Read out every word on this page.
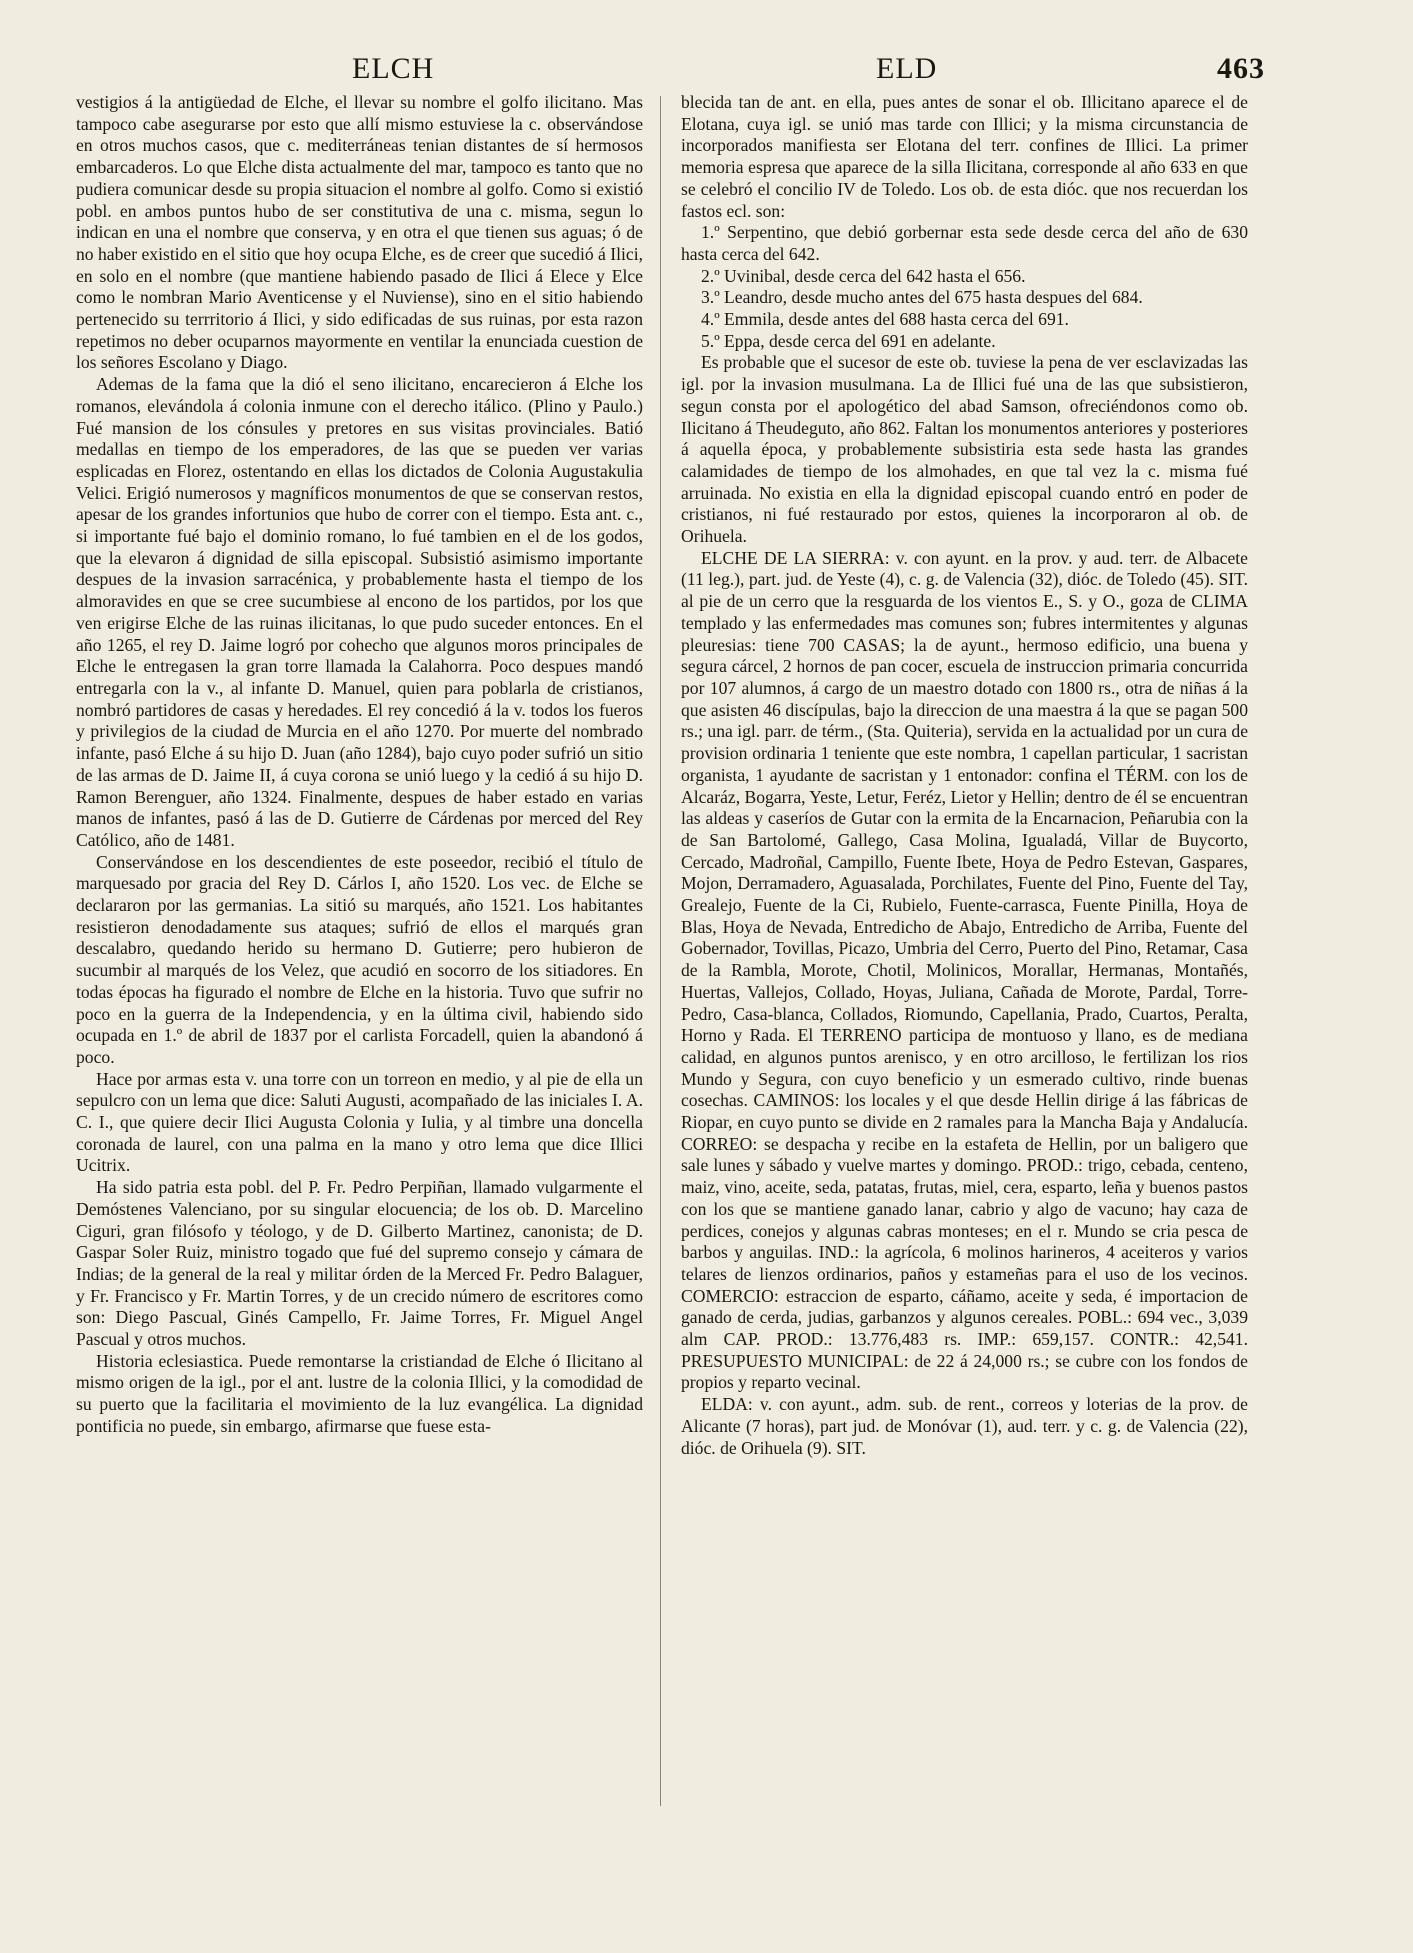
ELCH	ELD	463

vestigios á la antigüedad de Elche, el llevar su nombre el golfo ilicitano. Mas tampoco cabe asegurarse por esto que allí mismo estuviese la c. observándose en otros muchos casos, que c. mediterráneas tenian distantes de sí hermosos embarcaderos. Lo que Elche dista actualmente del mar, tampoco es tanto que no pudiera comunicar desde su propia situacion el nombre al golfo. Como si existió pobl. en ambos puntos hubo de ser constitutiva de una c. misma, segun lo indican en una el nombre que conserva, y en otra el que tienen sus aguas; ó de no haber existido en el sitio que hoy ocupa Elche, es de creer que sucedió á Ilici, en solo en el nombre (que mantiene habiendo pasado de Ilici á Elece y Elce como le nombran Mario Aventicense y el Nuviense), sino en el sitio habiendo pertenecido su terrritorio á Ilici, y sido edificadas de sus ruinas, por esta razon repetimos no deber ocuparnos mayormente en ventilar la enunciada cuestion de los señores Escolano y Diago.

Ademas de la fama que la dió el seno ilicitano, encarecieron á Elche los romanos, elevándola á colonia inmune con el derecho itálico. (Plino y Paulo.) Fué mansion de los cónsules y pretores en sus visitas provinciales. Batió medallas en tiempo de los emperadores, de las que se pueden ver varias esplicadas en Florez, ostentando en ellas los dictados de Colonia Augustakulia Velici. Erigió numerosos y magníficos monumentos de que se conservan restos, apesar de los grandes infortunios que hubo de correr con el tiempo. Esta ant. c., si importante fué bajo el dominio romano, lo fué tambien en el de los godos, que la elevaron á dignidad de silla episcopal. Subsistió asimismo importante despues de la invasion sarracénica, y probablemente hasta el tiempo de los almoravides en que se cree sucumbiese al encono de los partidos, por los que ven erigirse Elche de las ruinas ilicitanas, lo que pudo suceder entonces. En el año 1265, el rey D. Jaime logró por cohecho que algunos moros principales de Elche le entregasen la gran torre llamada la Calahorra. Poco despues mandó entregarla con la v., al infante D. Manuel, quien para poblarla de cristianos, nombró partidores de casas y heredades. El rey concedió á la v. todos los fueros y privilegios de la ciudad de Murcia en el año 1270. Por muerte del nombrado infante, pasó Elche á su hijo D. Juan (año 1284), bajo cuyo poder sufrió un sitio de las armas de D. Jaime II, á cuya corona se unió luego y la cedió á su hijo D. Ramon Berenguer, año 1324. Finalmente, despues de haber estado en varias manos de infantes, pasó á las de D. Gutierre de Cárdenas por merced del Rey Católico, año de 1481.

Conservándose en los descendientes de este poseedor, recibió el título de marquesado por gracia del Rey D. Cárlos I, año 1520. Los vec. de Elche se declararon por las germanias. La sitió su marqués, año 1521. Los habitantes resistieron denodadamente sus ataques; sufrió de ellos el marqués gran descalabro, quedando herido su hermano D. Gutierre; pero hubieron de sucumbir al marqués de los Velez, que acudió en socorro de los sitiadores. En todas épocas ha figurado el nombre de Elche en la historia. Tuvo que sufrir no poco en la guerra de la Independencia, y en la última civil, habiendo sido ocupada en 1.º de abril de 1837 por el carlista Forcadell, quien la abandonó á poco.

Hace por armas esta v. una torre con un torreon en medio, y al pie de ella un sepulcro con un lema que dice: Saluti Augusti, acompañado de las iniciales I. A. C. I., que quiere decir Ilici Augusta Colonia y Iulia, y al timbre una doncella coronada de laurel, con una palma en la mano y otro lema que dice Illici Ucitrix.

Ha sido patria esta pobl. del P. Fr. Pedro Perpiñan, llamado vulgarmente el Demóstenes Valenciano, por su singular elocuencia; de los ob. D. Marcelino Ciguri, gran filósofo y téologo, y de D. Gilberto Martinez, canonista; de D. Gaspar Soler Ruiz, ministro togado que fué del supremo consejo y cámara de Indias; de la general de la real y militar órden de la Merced Fr. Pedro Balaguer, y Fr. Francisco y Fr. Martin Torres, y de un crecido número de escritores como son: Diego Pascual, Ginés Campello, Fr. Jaime Torres, Fr. Miguel Angel Pascual y otros muchos.

Historia eclesiastica. Puede remontarse la cristiandad de Elche ó Ilicitano al mismo origen de la igl., por el ant. lustre de la colonia Illici, y la comodidad de su puerto que la facilitaria el movimiento de la luz evangélica. La dignidad pontificia no puede, sin embargo, afirmarse que fuese esta-

blecida tan de ant. en ella, pues antes de sonar el ob. Illicitano aparece el de Elotana, cuya igl. se unió mas tarde con Illici; y la misma circunstancia de incorporados manifiesta ser Elotana del terr. confines de Illici. La primer memoria espresa que aparece de la silla Ilicitana, corresponde al año 633 en que se celebró el concilio IV de Toledo. Los ob. de esta dióc. que nos recuerdan los fastos ecl. son:

1.º Serpentino, que debió gorbernar esta sede desde cerca del año de 630 hasta cerca del 642.

2.º Uvinibal, desde cerca del 642 hasta el 656.

3.º Leandro, desde mucho antes del 675 hasta despues del 684.

4.º Emmila, desde antes del 688 hasta cerca del 691.

5.º Eppa, desde cerca del 691 en adelante.

Es probable que el sucesor de este ob. tuviese la pena de ver esclavizadas las igl. por la invasion musulmana. La de Illici fué una de las que subsistieron, segun consta por el apologético del abad Samson, ofreciéndonos como ob. Ilicitano á Theudeguto, año 862. Faltan los monumentos anteriores y posteriores á aquella época, y probablemente subsistiria esta sede hasta las grandes calamidades de tiempo de los almohades, en que tal vez la c. misma fué arruinada. No existia en ella la dignidad episcopal cuando entró en poder de cristianos, ni fué restaurado por estos, quienes la incorporaron al ob. de Orihuela.

ELCHE DE LA SIERRA: v. con ayunt. en la prov. y aud. terr. de Albacete (11 leg.), part. jud. de Yeste (4), c. g. de Valencia (32), dióc. de Toledo (45). SIT. al pie de un cerro que la resguarda de los vientos E., S. y O., goza de CLIMA templado y las enfermedades mas comunes son; fubres intermitentes y algunas pleuresias: tiene 700 CASAS; la de ayunt., hermoso edificio, una buena y segura cárcel, 2 hornos de pan cocer, escuela de instruccion primaria concurrida por 107 alumnos, á cargo de un maestro dotado con 1800 rs., otra de niñas á la que asisten 46 discípulas, bajo la direccion de una maestra á la que se pagan 500 rs.; una igl. parr. de térm., (Sta. Quiteria), servida en la actualidad por un cura de provision ordinaria 1 teniente que este nombra, 1 capellan particular, 1 sacristan organista, 1 ayudante de sacristan y 1 entonador: confina el TÉRM. con los de Alcaráz, Bogarra, Yeste, Letur, Feréz, Lietor y Hellin; dentro de él se encuentran las aldeas y caseríos de Gutar con la ermita de la Encarnacion, Peñarubia con la de San Bartolomé, Gallego, Casa Molina, Igualadá, Villar de Buycorto, Cercado, Madroñal, Campillo, Fuente Ibete, Hoya de Pedro Estevan, Gaspares, Mojon, Derramadero, Aguasalada, Porchilates, Fuente del Pino, Fuente del Tay, Grealejo, Fuente de la Ci, Rubielo, Fuente-carrasca, Fuente Pinilla, Hoya de Blas, Hoya de Nevada, Entredicho de Abajo, Entredicho de Arriba, Fuente del Gobernador, Tovillas, Picazo, Umbria del Cerro, Puerto del Pino, Retamar, Casa de la Rambla, Morote, Chotil, Molinicos, Morallar, Hermanas, Montañés, Huertas, Vallejos, Collado, Hoyas, Juliana, Cañada de Morote, Pardal, Torre-Pedro, Casa-blanca, Collados, Riomundo, Capellania, Prado, Cuartos, Peralta, Horno y Rada. El TERRENO participa de montuoso y llano, es de mediana calidad, en algunos puntos arenisco, y en otro arcilloso, le fertilizan los rios Mundo y Segura, con cuyo beneficio y un esmerado cultivo, rinde buenas cosechas. CAMINOS: los locales y el que desde Hellin dirige á las fábricas de Riopar, en cuyo punto se divide en 2 ramales para la Mancha Baja y Andalucía. CORREO: se despacha y recibe en la estafeta de Hellin, por un baligero que sale lunes y sábado y vuelve martes y domingo. PROD.: trigo, cebada, centeno, maiz, vino, aceite, seda, patatas, frutas, miel, cera, esparto, leña y buenos pastos con los que se mantiene ganado lanar, cabrio y algo de vacuno; hay caza de perdices, conejos y algunas cabras monteses; en el r. Mundo se cria pesca de barbos y anguilas. IND.: la agrícola, 6 molinos harineros, 4 aceiteros y varios telares de lienzos ordinarios, paños y estameñas para el uso de los vecinos. COMERCIO: estraccion de esparto, cáñamo, aceite y seda, é importacion de ganado de cerda, judias, garbanzos y algunos cereales. POBL.: 694 vec., 3,039 alm CAP. PROD.: 13.776,483 rs. IMP.: 659,157. CONTR.: 42,541. PRESUPUESTO MUNICIPAL: de 22 á 24,000 rs.; se cubre con los fondos de propios y reparto vecinal.

ELDA: v. con ayunt., adm. sub. de rent., correos y loterias de la prov. de Alicante (7 horas), part jud. de Monóvar (1), aud. terr. y c. g. de Valencia (22), dióc. de Orihuela (9). SIT.
